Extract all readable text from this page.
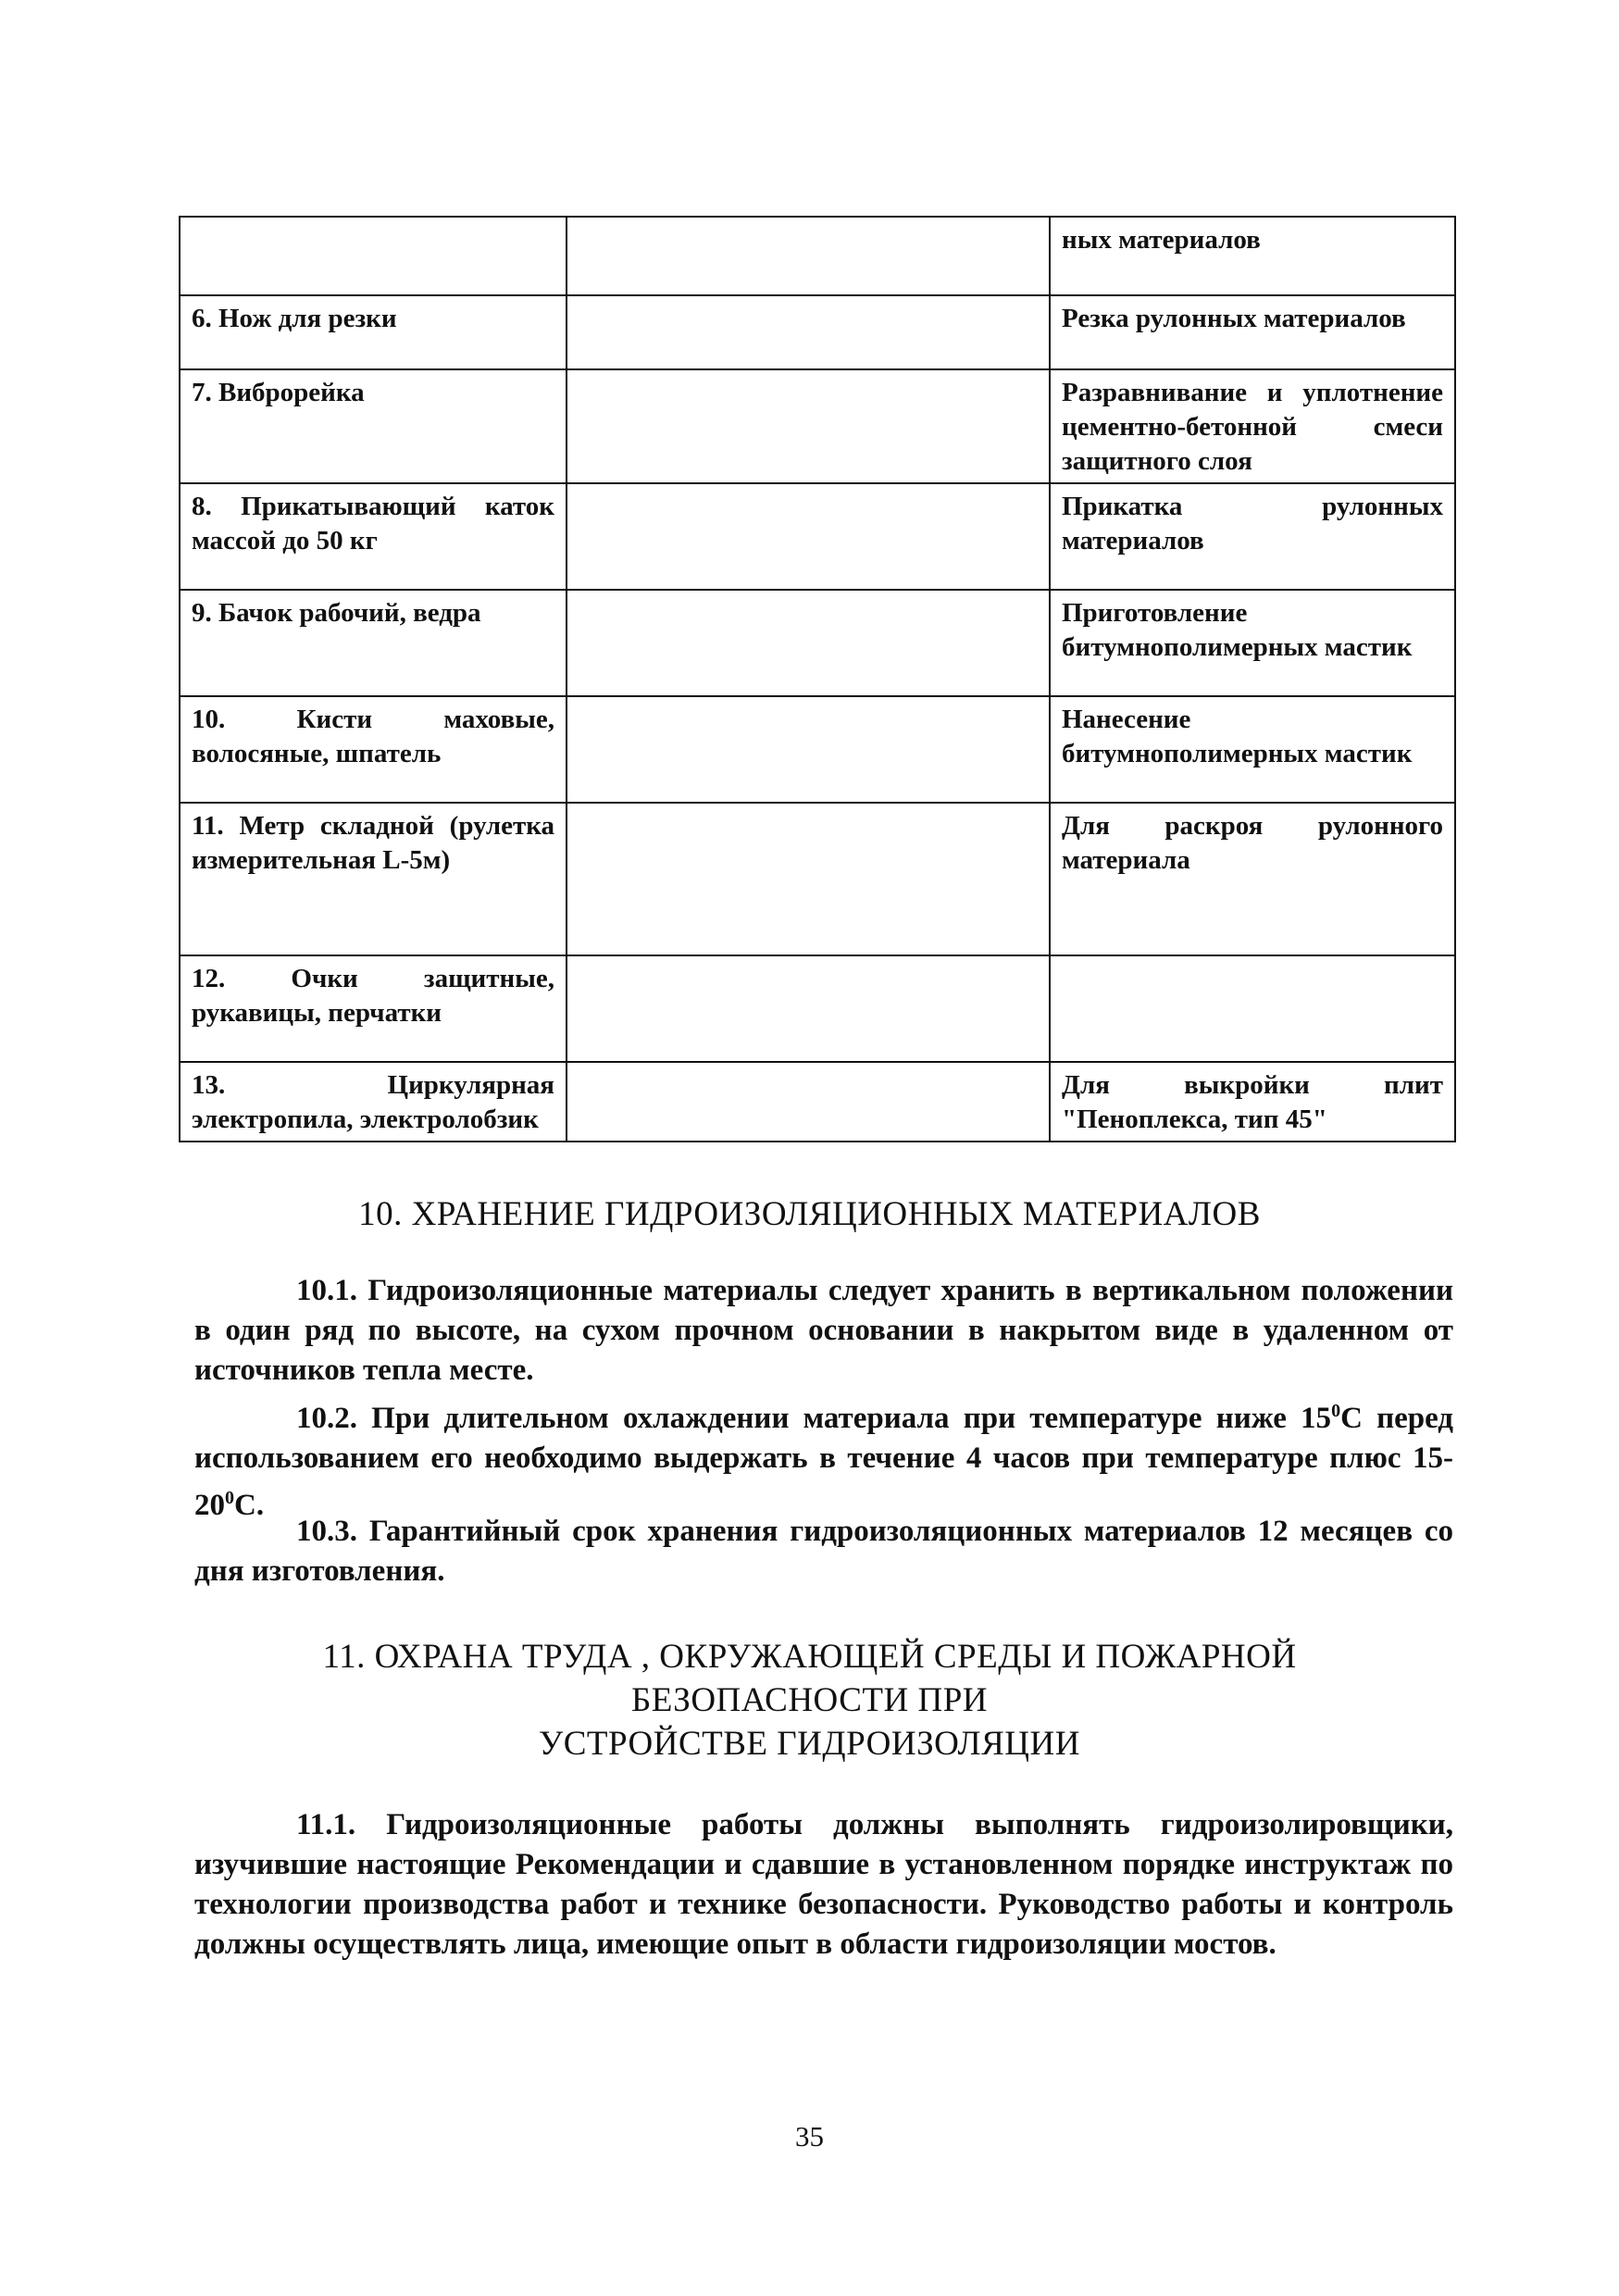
		ных материалов
6. Нож для резки		Резка рулонных материалов
7. Виброрейка		Разравнивание и уплотнение цементно-бетонной смеси защитного слоя
8. Прикатывающий каток массой до 50 кг		Прикатка рулонных материалов
9. Бачок рабочий, ведра		Приготовление битумнополимерных мастик
10. Кисти маховые, волосяные, шпатель		Нанесение битумнополимерных мастик
11. Метр складной (рулетка измерительная L-5м)		Для раскроя рулонного материала
12. Очки защитные, рукавицы, перчатки		
13. Циркулярная электропила, электролобзик		Для выкройки плит "Пеноплекса, тип 45"
10. ХРАНЕНИЕ ГИДРОИЗОЛЯЦИОННЫХ МАТЕРИАЛОВ
10.1. Гидроизоляционные материалы следует хранить в вертикальном положении в один ряд по высоте, на сухом прочном основании в накрытом виде в удаленном от источников тепла месте.
10.2. При длительном охлаждении материала при температуре ниже $15^0С$ перед использованием его необходимо выдержать в течение 4 часов при температуре плюс $15-20^0С$.
10.3. Гарантийный срок хранения гидроизоляционных материалов 12 месяцев со дня изготовления.
11. ОХРАНА ТРУДА , ОКРУЖАЮЩЕЙ СРЕДЫ И ПОЖАРНОЙ
БЕЗОПАСНОСТИ ПРИ
УСТРОЙСТВЕ ГИДРОИЗОЛЯЦИИ
11.1. Гидроизоляционные работы должны выполнять гидроизолировщики, изучившие настоящие Рекомендации и сдавшие в установленном порядке инструктаж по технологии производства работ и технике безопасности. Руководство работы и контроль должны осуществлять лица, имеющие опыт в области гидроизоляции мостов.
35
